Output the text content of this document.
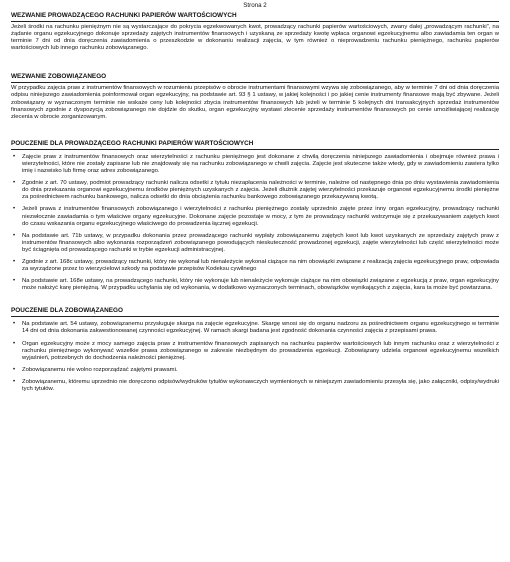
Strona 2
WEZWANIE PROWADZĄCEGO RACHUNKI PAPIERÓW WARTOŚCIOWYCH

Jeżeli środki na rachunku pieniężnym nie są wystarczające do pokrycia egzekwowanych kwot, prowadzący rachunki papierów wartościowych, zwany dalej „prowadzącym rachunki”, na żądanie organu egzekucyjnego dokonuje sprzedaży zajętych instrumentów finansowych i uzyskaną ze sprzedaży kwotę wpłaca organowi egzekucyjnemu albo zawiadamia ten organ w terminie 7 dni od dnia doręczenia zawiadomienia o przeszkodzie w dokonaniu realizacji zajęcia, w tym również o nieprowadzeniu rachunku pieniężnego, rachunku papierów wartościowych lub innego rachunku zobowiązanego.

WEZWANIE ZOBOWIĄZANEGO

W przypadku zajęcia praw z instrumentów finansowych w rozumieniu przepisów o obrocie instrumentami finansowymi wzywa się zobowiązanego, aby w terminie 7 dni od dnia doręczenia odpisu niniejszego zawiadomienia poinformował organ egzekucyjny, na podstawie art. 93 § 1 ustawy, w jakiej kolejności i po jakiej cenie instrumenty finansowe mają być zbywane. Jeżeli zobowiązany w wyznaczonym terminie nie wskaże ceny lub kolejności zbycia instrumentów finansowych lub jeżeli w terminie 5 kolejnych dni transakcyjnych sprzedaż instrumentów finansowych zgodnie z dyspozycją zobowiązanego nie dojdzie do skutku, organ egzekucyjny wystawi zlecenie sprzedaży instrumentów finansowych po cenie umożliwiającej realizację zlecenia w obrocie zorganizowanym.

POUCZENIE DLA PROWADZĄCEGO RACHUNKI PAPIERÓW WARTOŚCIOWYCH
• Zajęcie praw z instrumentów finansowych oraz wierzytelności z rachunku pieniężnego jest dokonane z chwilą doręczenia niniejszego zawiadomienia i obejmuje również prawa i wierzytelności, które nie zostały zapisane lub nie znajdowały się na rachunku zobowiązanego w chwili zajęcia. Zajęcie jest skuteczne także wtedy, gdy w zawiadomieniu zawiera tylko imię i nazwisko lub firmę oraz adres zobowiązanego.
• Zgodnie z art. 70 ustawy, podmiot prowadzący rachunki nalicza odsetki z tytułu niezapłacenia należności w terminie, należne od następnego dnia po dniu wystawienia zawiadomienia do dnia przekazania organowi egzekucyjnemu środków pieniężnych uzyskanych z zajęcia. Jeżeli dłużnik zajętej wierzytelności przekazuje organowi egzekucyjnemu środki pieniężne za pośrednictwem rachunku bankowego, nalicza odsetki do dnia obciążenia rachunku bankowego zobowiązanego przekazywaną kwotą.
• Jeżeli prawa z instrumentów finansowych zobowiązanego i wierzytelności z rachunku pieniężnego zostały uprzednio zajęte przez inny organ egzekucyjny, prowadzący rachunki niezwłocznie zawiadamia o tym właściwe organy egzekucyjne. Dokonane zajęcie pozostaje w mocy, z tym że prowadzący rachunki wstrzymuje się z przekazywaniem zajętych kwot do czasu wskazania organu egzekucyjnego właściwego do prowadzenia łącznej egzekucji.
• Na podstawie art. 71b ustawy, w przypadku dokonania przez prowadzącego rachunki wypłaty zobowiązanemu zajętych kwot lub kwot uzyskanych ze sprzedaży zajętych praw z instrumentów finansowych albo wykonania rozporządzeń zobowiązanego powodujących nieskuteczność prowadzonej egzekucji, zajęte wierzytelności lub część wierzytelności może być ściągnięta od prowadzącego rachunki w trybie egzekucji administracyjnej.
• Zgodnie z art. 168c ustawy, prowadzący rachunki, który nie wykonał lub nienależycie wykonał ciążące na nim obowiązki związane z realizacją zajęcia egzekucyjnego praw, odpowiada za wyrządzone przez to wierzycielowi szkody na podstawie przepisów Kodeksu cywilnego
• Na podstawie art. 168e ustawy, na prowadzącego rachunki, który nie wykonuje lub nienależycie wykonuje ciążące na nim obowiązki związane z egzekucją z praw, organ egzekucyjny może nałożyć karę pieniężną. W przypadku uchylania się od wykonania, w dodatkowo wyznaczonych terminach, obowiązków wynikających z zajęcia, kara ta może być powtarzana.
POUCZENIE DLA ZOBOWIĄZANEGO
• Na podstawie art. 54 ustawy, zobowiązanemu przysługuje skarga na zajęcie egzekucyjne. Skargę wnosi się do organu nadzoru za pośrednictwem organu egzekucyjnego w terminie 14 dni od dnia dokonania zakwestionowanej czynności egzekucyjnej. W ramach skargi badana jest zgodność dokonania czynności zajęcia z przepisami prawa.
• Organ egzekucyjny może z mocy samego zajęcia praw z instrumentów finansowych zapisanych na rachunku papierów wartościowych lub innym rachunku oraz z wierzytelności z rachunku pieniężnego wykonywać wszelkie prawa zobowiązanego w zakresie niezbędnym do prowadzenia egzekucji. Zobowiązany udziela organowi egzekucyjnemu wszelkich wyjaśnień, potrzebnych do dochodzenia należności pieniężnej.
• Zobowiązanemu nie wolno rozporządzać zajętymi prawami.
• Zobowiązanemu, któremu uprzednio nie doręczono odpisów/wydruków tytułów wykonawczych wymienionych w niniejszym zawiadomieniu przesyła się, jako załączniki, odpisy/wydruki tych tytułów.
